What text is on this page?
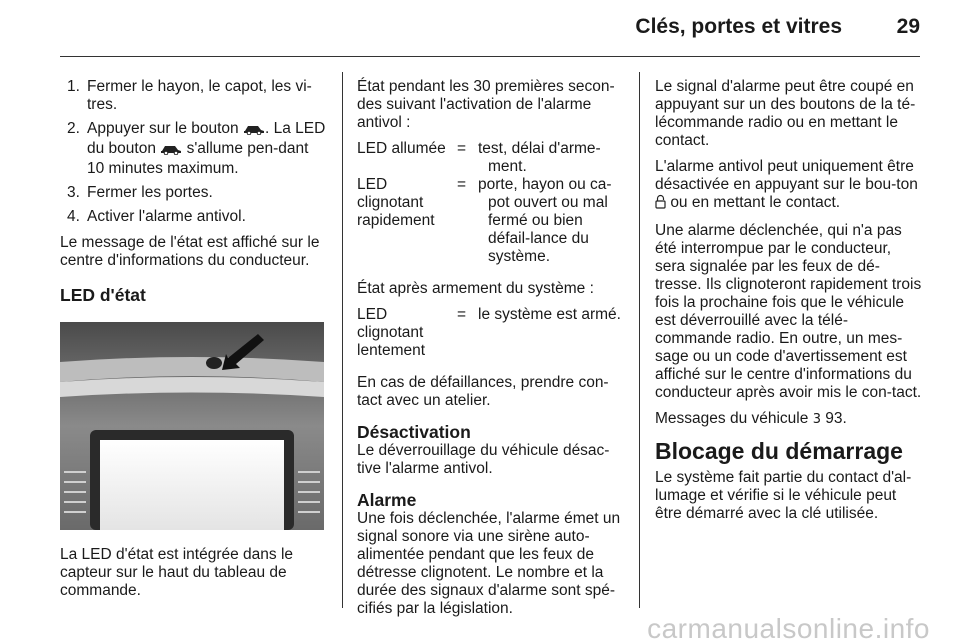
Clés, portes et vitres	29
1. Fermer le hayon, le capot, les vi-tres.
2. Appuyer sur le bouton . La LED du bouton s'allume pen-dant 10 minutes maximum.
3. Fermer les portes.
4. Activer l'alarme antivol.

Le message de l'état est affiché sur le centre d'informations du conducteur.

LED d'état

La LED d'état est intégrée dans le capteur sur le haut du tableau de commande.

État pendant les 30 premières secon-des suivant l'activation de l'alarme antivol :

LED allumée	=	test, délai d'arme-ment.

LED clignotant rapidement	=	porte, hayon ou ca-pot ouvert ou mal fermé ou bien défail-lance du système.

État après armement du système :

LED clignotant lentement	=	le système est armé.

En cas de défaillances, prendre con-tact avec un atelier.

Désactivation

Le déverrouillage du véhicule désac-tive l'alarme antivol.

Alarme

Une fois déclenchée, l'alarme émet un signal sonore via une sirène auto-alimentée pendant que les feux de détresse clignotent. Le nombre et la durée des signaux d'alarme sont spé-cifiés par la législation.

Le signal d'alarme peut être coupé en appuyant sur un des boutons de la té-lécommande radio ou en mettant le contact.

L'alarme antivol peut uniquement être désactivée en appuyant sur le bou-ton  ou en mettant le contact.

Une alarme déclenchée, qui n'a pas été interrompue par le conducteur, sera signalée par les feux de dé-tresse. Ils clignoteront rapidement trois fois la prochaine fois que le véhicule est déverrouillé avec la télé-commande radio. En outre, un mes-sage ou un code d'avertissement est affiché sur le centre d'informations du conducteur après avoir mis le con-tact.

Messages du véhicule 3 93.

Blocage du démarrage

Le système fait partie du contact d'al-lumage et vérifie si le véhicule peut être démarré avec la clé utilisée.

carmanualsonline.info
